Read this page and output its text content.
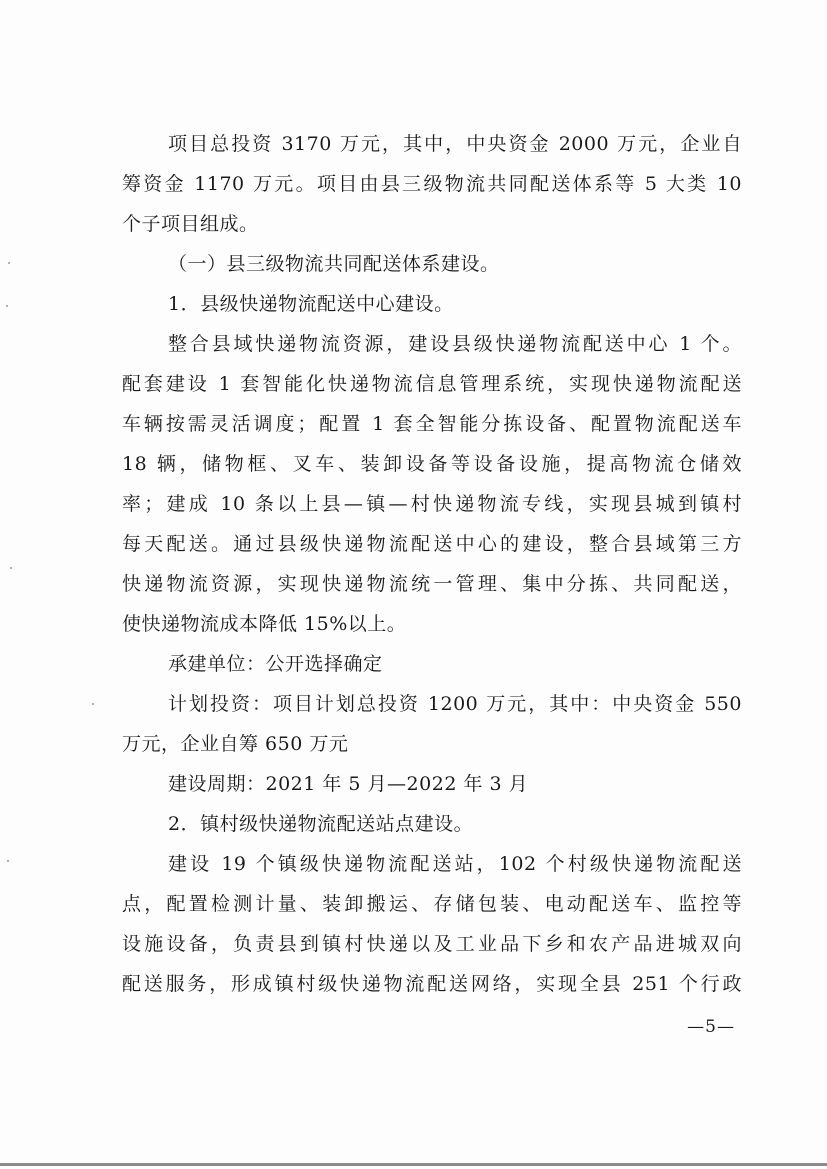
项目总投资 3170 万元，其中，中央资金 2000 万元，企业自
筹资金 1170 万元。项目由县三级物流共同配送体系等 5 大类 10
个子项目组成。
（一）县三级物流共同配送体系建设。
1．县级快递物流配送中心建设。
整合县域快递物流资源，建设县级快递物流配送中心 1 个。
配套建设 1 套智能化快递物流信息管理系统，实现快递物流配送
车辆按需灵活调度；配置 1 套全智能分拣设备、配置物流配送车
18 辆，储物框、叉车、装卸设备等设备设施，提高物流仓储效
率；建成 10 条以上县—镇—村快递物流专线，实现县城到镇村
每天配送。通过县级快递物流配送中心的建设，整合县域第三方
快递物流资源，实现快递物流统一管理、集中分拣、共同配送，
使快递物流成本降低 15%以上。
承建单位：公开选择确定
计划投资：项目计划总投资 1200 万元，其中：中央资金 550
万元，企业自筹 650 万元
建设周期：2021 年 5 月—2022 年 3 月
2．镇村级快递物流配送站点建设。
建设 19 个镇级快递物流配送站，102 个村级快递物流配送
点，配置检测计量、装卸搬运、存储包装、电动配送车、监控等
设施设备，负责县到镇村快递以及工业品下乡和农产品进城双向
配送服务，形成镇村级快递物流配送网络，实现全县 251 个行政
—5—
